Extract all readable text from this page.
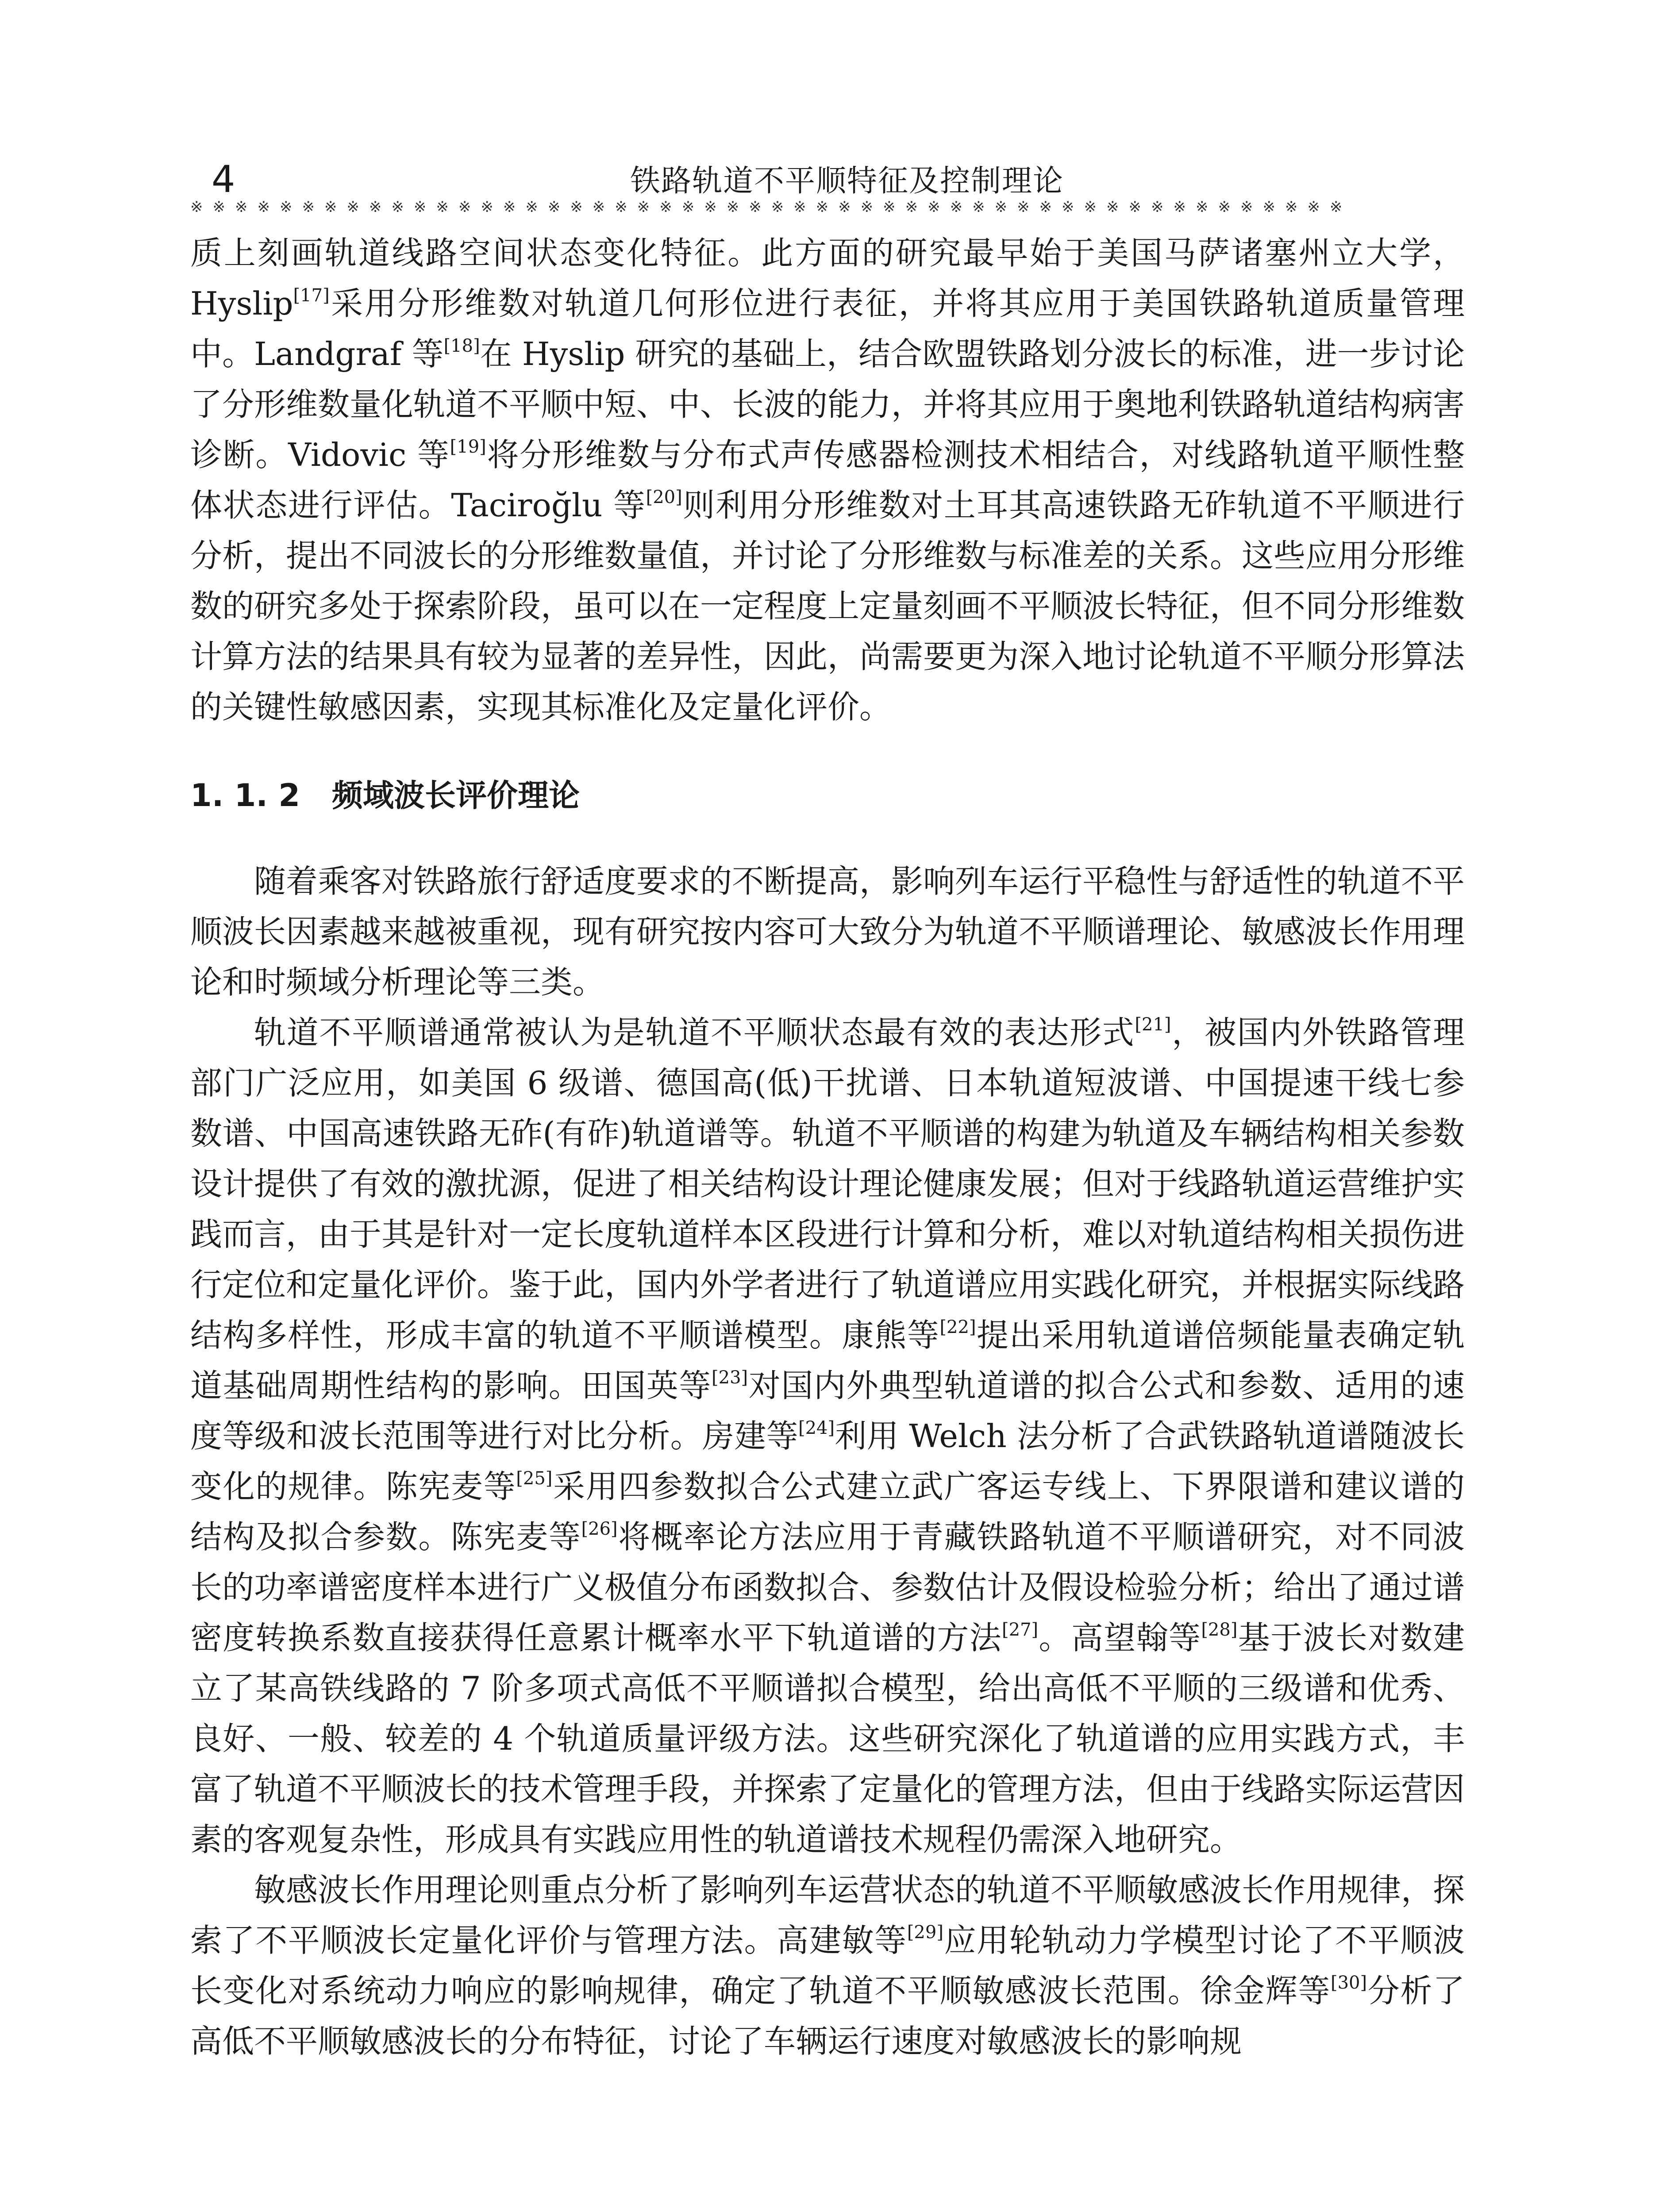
4	铁路轨道不平顺特征及控制理论
※※※※※※※※※※※※※※※※※※※※※※※※※※※※※※※※※※※※※※※※※※※※※※※※※※※※

质上刻画轨道线路空间状态变化特征。此方面的研究最早始于美国马萨诸塞州立大学，Hyslip[17]采用分形维数对轨道几何形位进行表征，并将其应用于美国铁路轨道质量管理中。Landgraf 等[18]在 Hyslip 研究的基础上，结合欧盟铁路划分波长的标准，进一步讨论了分形维数量化轨道不平顺中短、中、长波的能力，并将其应用于奥地利铁路轨道结构病害诊断。Vidovic 等[19]将分形维数与分布式声传感器检测技术相结合，对线路轨道平顺性整体状态进行评估。Taciroğlu 等[20]则利用分形维数对土耳其高速铁路无砟轨道不平顺进行分析，提出不同波长的分形维数量值，并讨论了分形维数与标准差的关系。这些应用分形维数的研究多处于探索阶段，虽可以在一定程度上定量刻画不平顺波长特征，但不同分形维数计算方法的结果具有较为显著的差异性，因此，尚需要更为深入地讨论轨道不平顺分形算法的关键性敏感因素，实现其标准化及定量化评价。

1. 1. 2 频域波长评价理论

随着乘客对铁路旅行舒适度要求的不断提高，影响列车运行平稳性与舒适性的轨道不平顺波长因素越来越被重视，现有研究按内容可大致分为轨道不平顺谱理论、敏感波长作用理论和时频域分析理论等三类。

轨道不平顺谱通常被认为是轨道不平顺状态最有效的表达形式[21]，被国内外铁路管理部门广泛应用，如美国 6 级谱、德国高(低)干扰谱、日本轨道短波谱、中国提速干线七参数谱、中国高速铁路无砟(有砟)轨道谱等。轨道不平顺谱的构建为轨道及车辆结构相关参数设计提供了有效的激扰源，促进了相关结构设计理论健康发展；但对于线路轨道运营维护实践而言，由于其是针对一定长度轨道样本区段进行计算和分析，难以对轨道结构相关损伤进行定位和定量化评价。鉴于此，国内外学者进行了轨道谱应用实践化研究，并根据实际线路结构多样性，形成丰富的轨道不平顺谱模型。康熊等[22]提出采用轨道谱倍频能量表确定轨道基础周期性结构的影响。田国英等[23]对国内外典型轨道谱的拟合公式和参数、适用的速度等级和波长范围等进行对比分析。房建等[24]利用 Welch 法分析了合武铁路轨道谱随波长变化的规律。陈宪麦等[25]采用四参数拟合公式建立武广客运专线上、下界限谱和建议谱的结构及拟合参数。陈宪麦等[26]将概率论方法应用于青藏铁路轨道不平顺谱研究，对不同波长的功率谱密度样本进行广义极值分布函数拟合、参数估计及假设检验分析；给出了通过谱密度转换系数直接获得任意累计概率水平下轨道谱的方法[27]。高望翰等[28]基于波长对数建立了某高铁线路的 7 阶多项式高低不平顺谱拟合模型，给出高低不平顺的三级谱和优秀、良好、一般、较差的 4 个轨道质量评级方法。这些研究深化了轨道谱的应用实践方式，丰富了轨道不平顺波长的技术管理手段，并探索了定量化的管理方法，但由于线路实际运营因素的客观复杂性，形成具有实践应用性的轨道谱技术规程仍需深入地研究。

敏感波长作用理论则重点分析了影响列车运营状态的轨道不平顺敏感波长作用规律，探索了不平顺波长定量化评价与管理方法。高建敏等[29]应用轮轨动力学模型讨论了不平顺波长变化对系统动力响应的影响规律，确定了轨道不平顺敏感波长范围。徐金辉等[30]分析了高低不平顺敏感波长的分布特征，讨论了车辆运行速度对敏感波长的影响规
